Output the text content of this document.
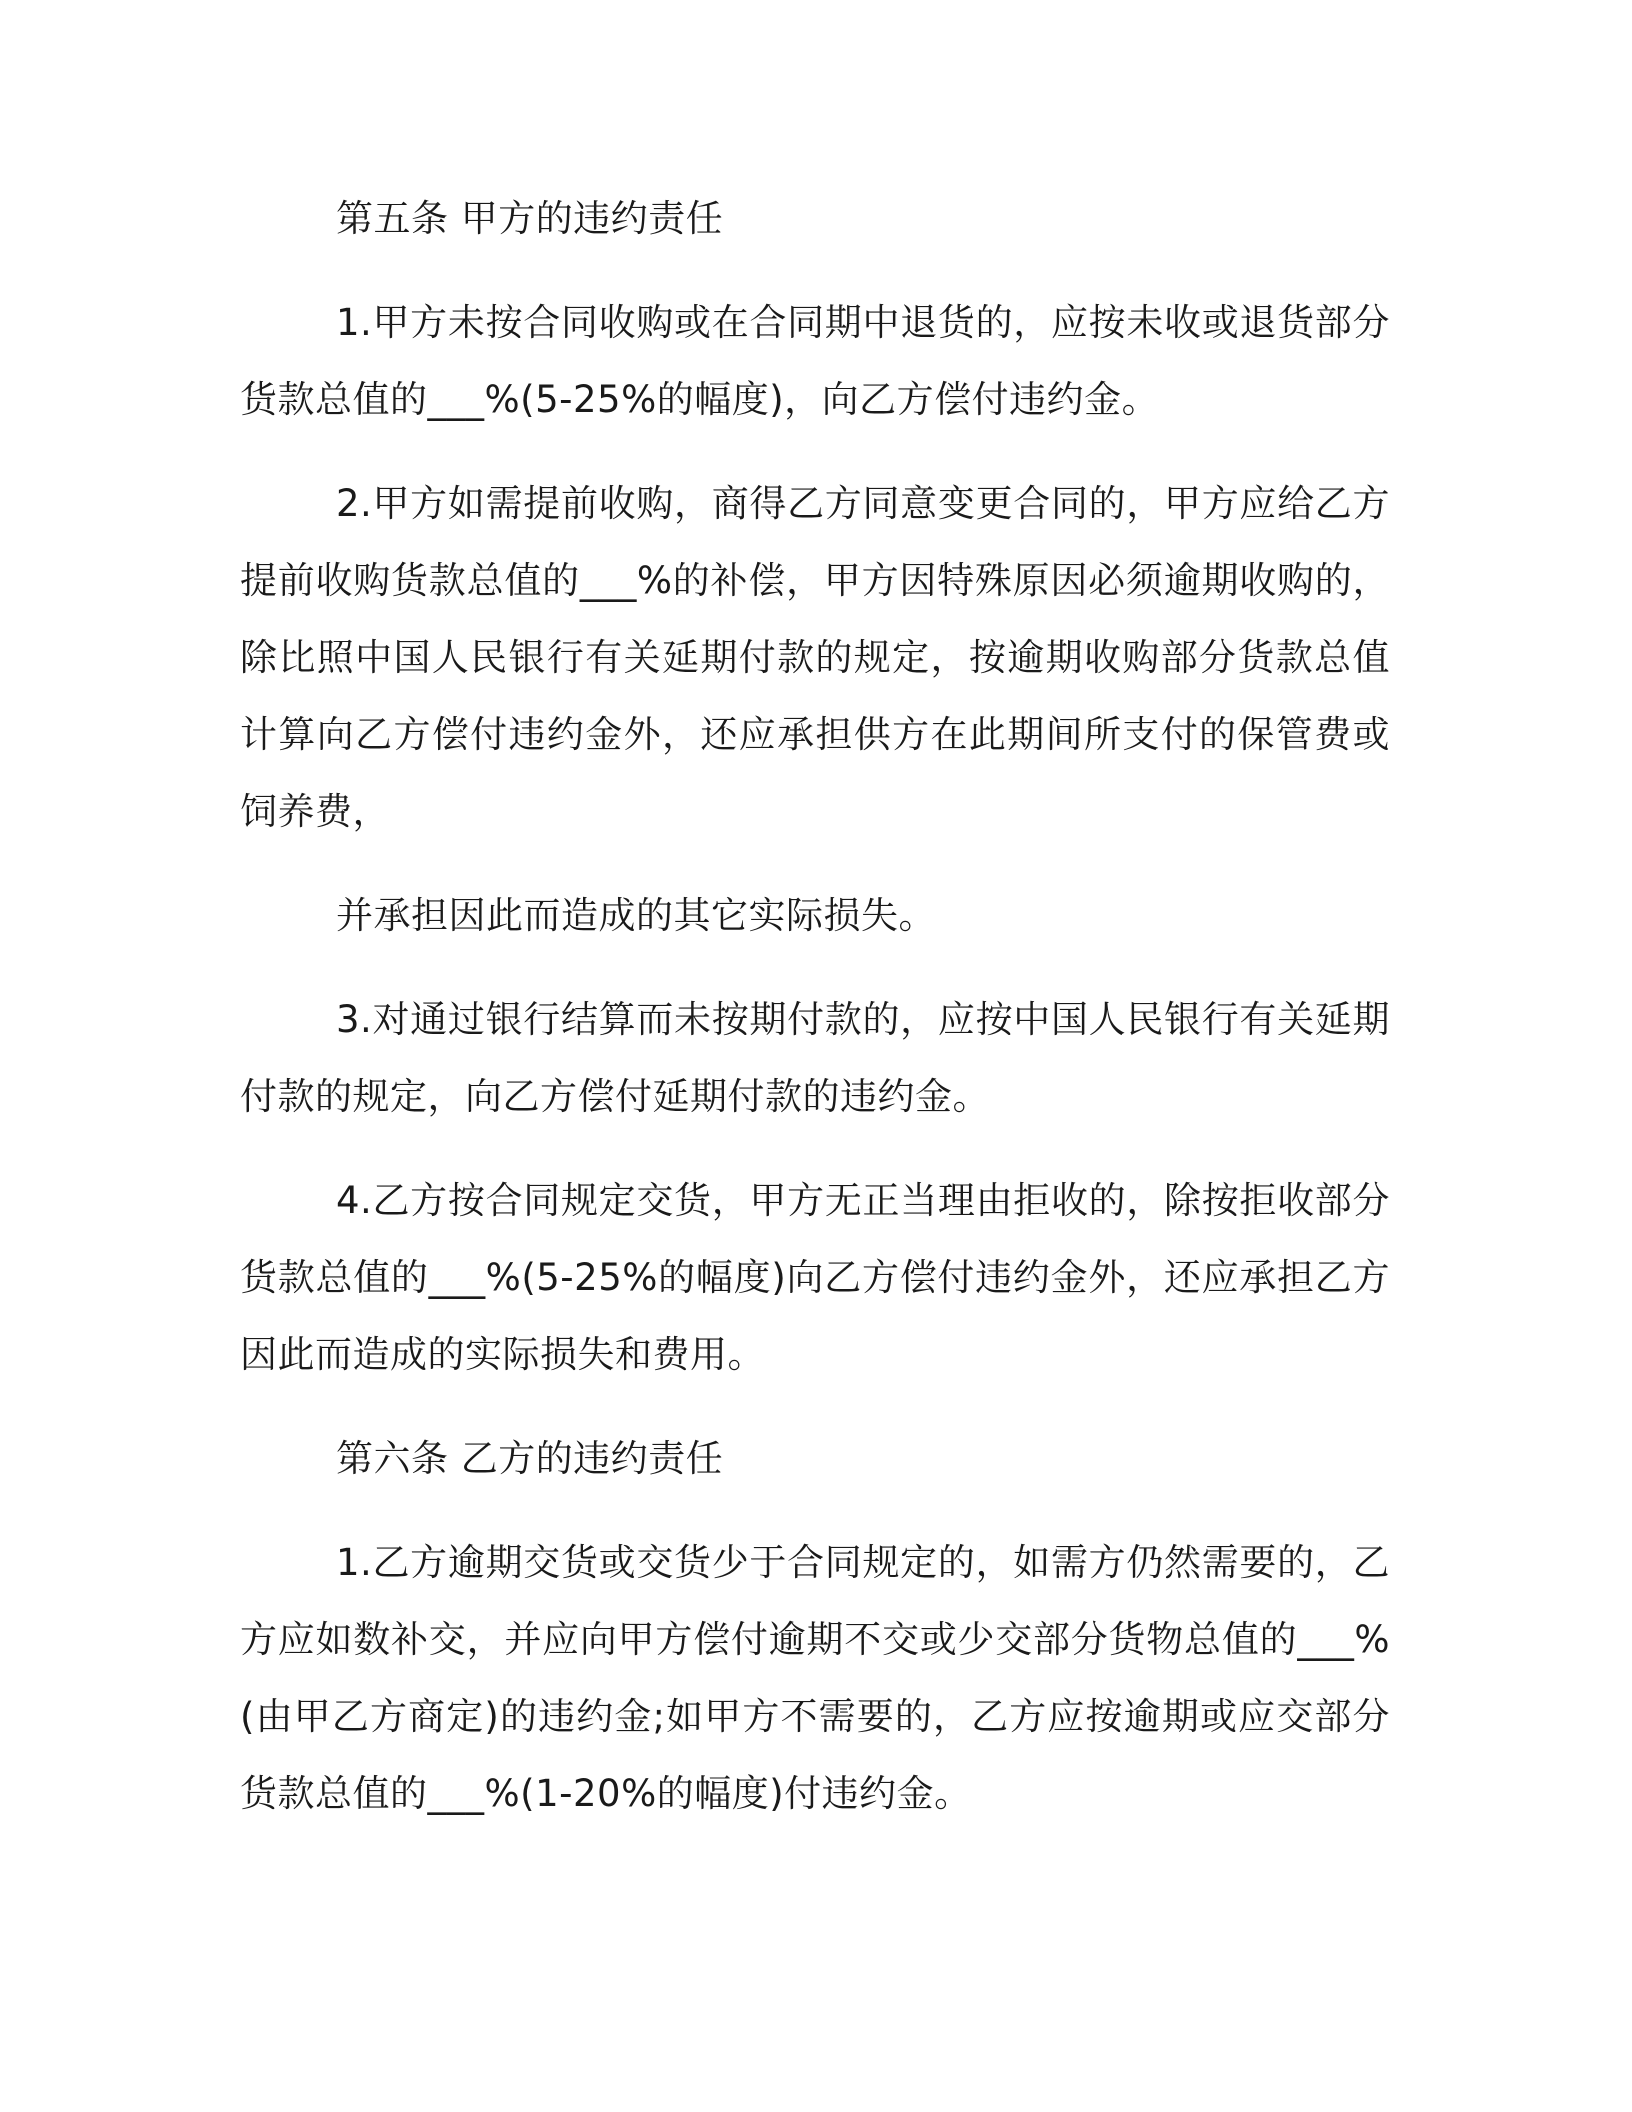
第五条 甲方的违约责任

1.甲方未按合同收购或在合同期中退货的，应按未收或退货部分货款总值的___%(5-25%的幅度)，向乙方偿付违约金。

2.甲方如需提前收购，商得乙方同意变更合同的，甲方应给乙方提前收购货款总值的___%的补偿，甲方因特殊原因必须逾期收购的，除比照中国人民银行有关延期付款的规定，按逾期收购部分货款总值计算向乙方偿付违约金外，还应承担供方在此期间所支付的保管费或饲养费，

并承担因此而造成的其它实际损失。

3.对通过银行结算而未按期付款的，应按中国人民银行有关延期付款的规定，向乙方偿付延期付款的违约金。

4.乙方按合同规定交货，甲方无正当理由拒收的，除按拒收部分货款总值的___%(5-25%的幅度)向乙方偿付违约金外，还应承担乙方因此而造成的实际损失和费用。

第六条 乙方的违约责任

1.乙方逾期交货或交货少于合同规定的，如需方仍然需要的，乙方应如数补交，并应向甲方偿付逾期不交或少交部分货物总值的___%(由甲乙方商定)的违约金;如甲方不需要的，乙方应按逾期或应交部分货款总值的___%(1-20%的幅度)付违约金。
